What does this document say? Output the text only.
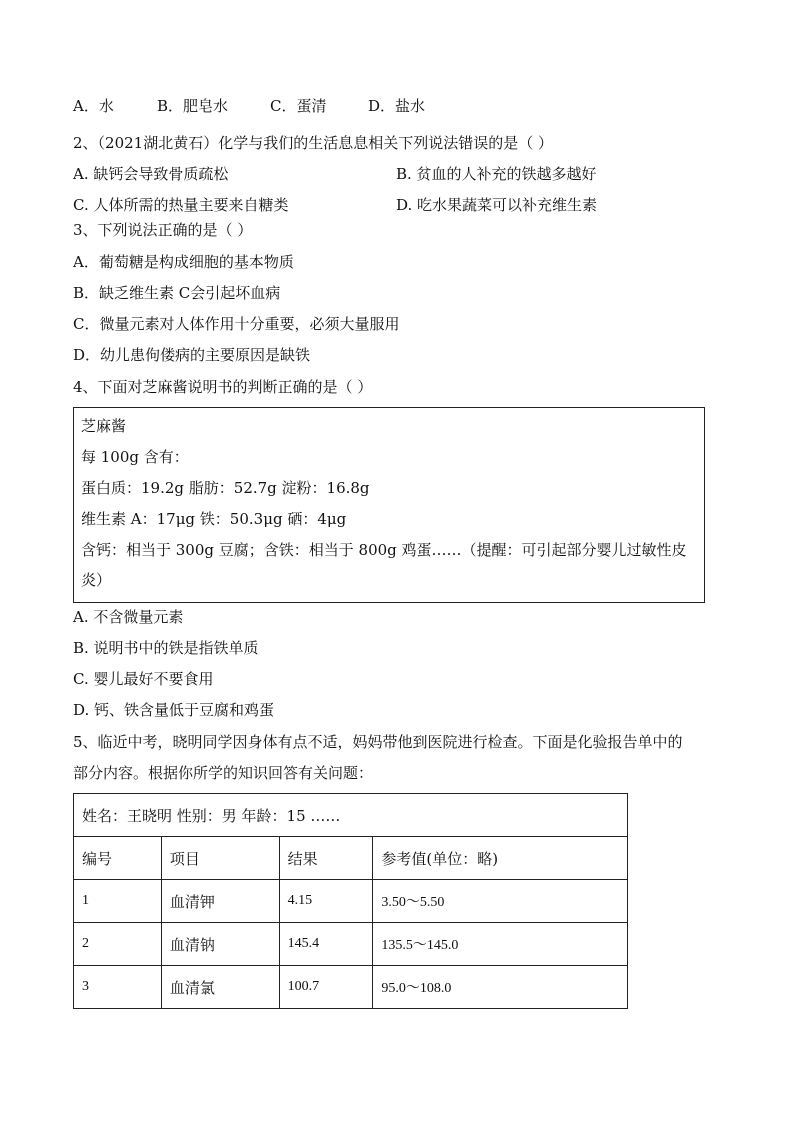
A．水	B．肥皂水	C．蛋清	D．盐水
2、（2021湖北黄石）化学与我们的生活息息相关下列说法错误的是（ ）
A. 缺钙会导致骨质疏松	B. 贫血的人补充的铁越多越好
C. 人体所需的热量主要来自糖类	D. 吃水果蔬菜可以补充维生素
3、下列说法正确的是（ ）
A．葡萄糖是构成细胞的基本物质
B．缺乏维生素 C会引起坏血病
C．微量元素对人体作用十分重要，必须大量服用
D．幼儿患佝偻病的主要原因是缺铁
4、下面对芝麻酱说明书的判断正确的是（ ）
芝麻酱
每 100g 含有：
蛋白质：19.2g 脂肪：52.7g 淀粉：16.8g
维生素 A：17μg 铁：50.3μg 硒：4μg
含钙：相当于 300g 豆腐；含铁：相当于 800g 鸡蛋……（提醒：可引起部分婴儿过敏性皮
炎）
A. 不含微量元素
B. 说明书中的铁是指铁单质
C. 婴儿最好不要食用
D. 钙、铁含量低于豆腐和鸡蛋
5、临近中考，晓明同学因身体有点不适，妈妈带他到医院进行检查。下面是化验报告单中的
部分内容。根据你所学的知识回答有关问题：
姓名：王晓明 性别：男 年龄：15 ……			
编号	项目	结果	参考值(单位：略)
1	血清钾	4.15	3.50～5.50
2	血清钠	145.4	135.5～145.0
3	血清氯	100.7	95.0～108.0
